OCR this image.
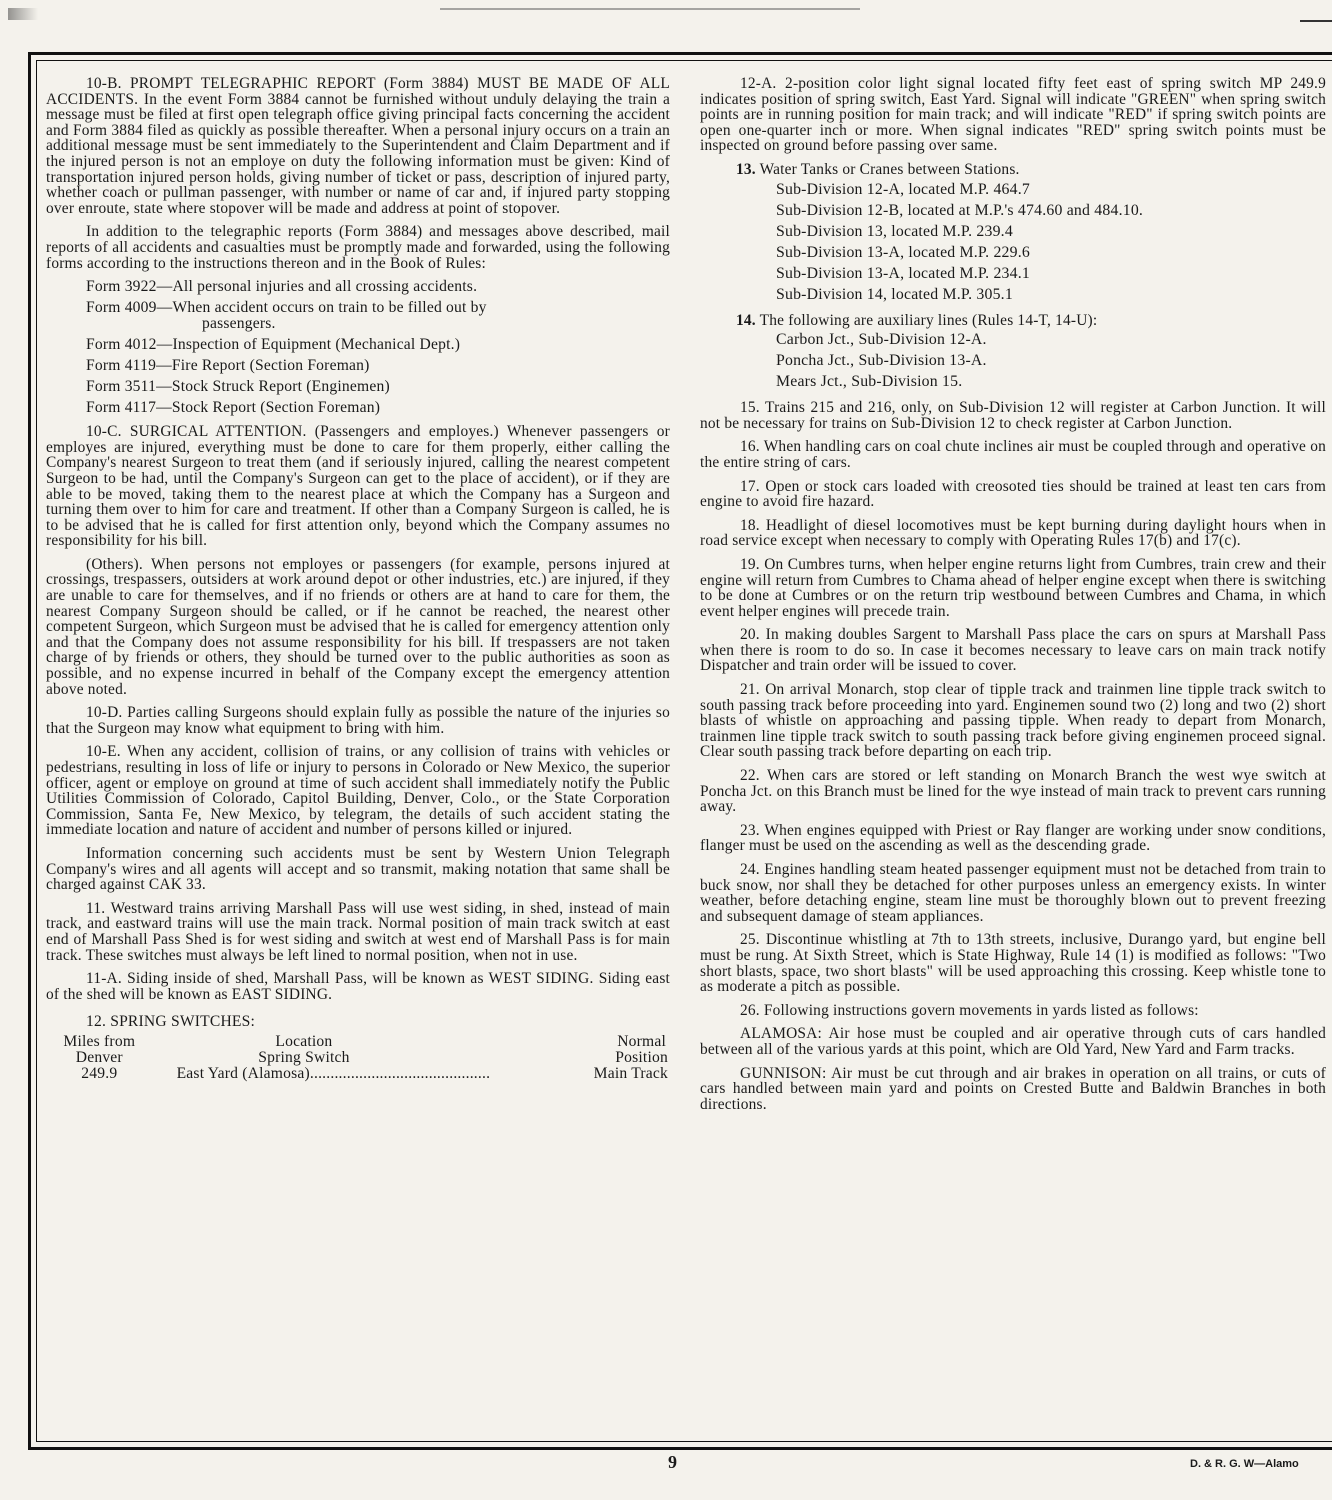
10-B. PROMPT TELEGRAPHIC REPORT (Form 3884) MUST BE MADE OF ALL ACCIDENTS. In the event Form 3884 cannot be furnished without unduly delaying the train a message must be filed at first open telegraph office giving principal facts concerning the accident and Form 3884 filed as quickly as possible thereafter. When a personal injury occurs on a train an additional message must be sent immediately to the Superintendent and Claim Department and if the injured person is not an employe on duty the following information must be given: Kind of transportation injured person holds, giving number of ticket or pass, description of injured party, whether coach or pullman passenger, with number or name of car and, if injured party stopping over enroute, state where stopover will be made and address at point of stopover.

In addition to the telegraphic reports (Form 3884) and messages above described, mail reports of all accidents and casualties must be promptly made and forwarded, using the following forms according to the instructions thereon and in the Book of Rules:

Form 3922—All personal injuries and all crossing accidents.
Form 4009—When accident occurs on train to be filled out by
passengers.
Form 4012—Inspection of Equipment (Mechanical Dept.)
Form 4119—Fire Report (Section Foreman)
Form 3511—Stock Struck Report (Enginemen)
Form 4117—Stock Report (Section Foreman)

10-C. SURGICAL ATTENTION. (Passengers and employes.) Whenever passengers or employes are injured, everything must be done to care for them properly, either calling the Company's nearest Surgeon to treat them (and if seriously injured, calling the nearest competent Surgeon to be had, until the Company's Surgeon can get to the place of accident), or if they are able to be moved, taking them to the nearest place at which the Company has a Surgeon and turning them over to him for care and treatment. If other than a Company Surgeon is called, he is to be advised that he is called for first attention only, beyond which the Company assumes no responsibility for his bill.

(Others). When persons not employes or passengers (for example, persons injured at crossings, trespassers, outsiders at work around depot or other industries, etc.) are injured, if they are unable to care for themselves, and if no friends or others are at hand to care for them, the nearest Company Surgeon should be called, or if he cannot be reached, the nearest other competent Surgeon, which Surgeon must be advised that he is called for emergency attention only and that the Company does not assume responsibility for his bill. If trespassers are not taken charge of by friends or others, they should be turned over to the public authorities as soon as possible, and no expense incurred in behalf of the Company except the emergency attention above noted.

10-D. Parties calling Surgeons should explain fully as possible the nature of the injuries so that the Surgeon may know what equipment to bring with him.

10-E. When any accident, collision of trains, or any collision of trains with vehicles or pedestrians, resulting in loss of life or injury to persons in Colorado or New Mexico, the superior officer, agent or employe on ground at time of such accident shall immediately notify the Public Utilities Commission of Colorado, Capitol Building, Denver, Colo., or the State Corporation Commission, Santa Fe, New Mexico, by telegram, the details of such accident stating the immediate location and nature of accident and number of persons killed or injured.

Information concerning such accidents must be sent by Western Union Telegraph Company's wires and all agents will accept and so transmit, making notation that same shall be charged against CAK 33.

11. Westward trains arriving Marshall Pass will use west siding, in shed, instead of main track, and eastward trains will use the main track. Normal position of main track switch at east end of Marshall Pass Shed is for west siding and switch at west end of Marshall Pass is for main track. These switches must always be left lined to normal position, when not in use.

11-A. Siding inside of shed, Marshall Pass, will be known as WEST SIDING. Siding east of the shed will be known as EAST SIDING.

12. SPRING SWITCHES:
Miles from	Location	Normal
Denver	Spring Switch	Position
249.9	East Yard (Alamosa)............................................ Main Track	

12-A. 2-position color light signal located fifty feet east of spring switch MP 249.9 indicates position of spring switch, East Yard. Signal will indicate "GREEN" when spring switch points are in running position for main track; and will indicate "RED" if spring switch points are open one-quarter inch or more. When signal indicates "RED" spring switch points must be inspected on ground before passing over same.

13. Water Tanks or Cranes between Stations.
Sub-Division 12-A, located M.P. 464.7
Sub-Division 12-B, located at M.P.'s 474.60 and 484.10.
Sub-Division 13, located M.P. 239.4
Sub-Division 13-A, located M.P. 229.6
Sub-Division 13-A, located M.P. 234.1
Sub-Division 14, located M.P. 305.1
14. The following are auxiliary lines (Rules 14-T, 14-U):
Carbon Jct., Sub-Division 12-A.
Poncha Jct., Sub-Division 13-A.
Mears Jct., Sub-Division 15.

15. Trains 215 and 216, only, on Sub-Division 12 will register at Carbon Junction. It will not be necessary for trains on Sub-Division 12 to check register at Carbon Junction.

16. When handling cars on coal chute inclines air must be coupled through and operative on the entire string of cars.

17. Open or stock cars loaded with creosoted ties should be trained at least ten cars from engine to avoid fire hazard.

18. Headlight of diesel locomotives must be kept burning during daylight hours when in road service except when necessary to comply with Operating Rules 17(b) and 17(c).

19. On Cumbres turns, when helper engine returns light from Cumbres, train crew and their engine will return from Cumbres to Chama ahead of helper engine except when there is switching to be done at Cumbres or on the return trip westbound between Cumbres and Chama, in which event helper engines will precede train.

20. In making doubles Sargent to Marshall Pass place the cars on spurs at Marshall Pass when there is room to do so. In case it becomes necessary to leave cars on main track notify Dispatcher and train order will be issued to cover.

21. On arrival Monarch, stop clear of tipple track and trainmen line tipple track switch to south passing track before proceeding into yard. Enginemen sound two (2) long and two (2) short blasts of whistle on approaching and passing tipple. When ready to depart from Monarch, trainmen line tipple track switch to south passing track before giving enginemen proceed signal. Clear south passing track before departing on each trip.

22. When cars are stored or left standing on Monarch Branch the west wye switch at Poncha Jct. on this Branch must be lined for the wye instead of main track to prevent cars running away.

23. When engines equipped with Priest or Ray flanger are working under snow conditions, flanger must be used on the ascending as well as the descending grade.

24. Engines handling steam heated passenger equipment must not be detached from train to buck snow, nor shall they be detached for other purposes unless an emergency exists. In winter weather, before detaching engine, steam line must be thoroughly blown out to prevent freezing and subsequent damage of steam appliances.

25. Discontinue whistling at 7th to 13th streets, inclusive, Durango yard, but engine bell must be rung. At Sixth Street, which is State Highway, Rule 14 (1) is modified as follows: "Two short blasts, space, two short blasts" will be used approaching this crossing. Keep whistle tone to as moderate a pitch as possible.

26. Following instructions govern movements in yards listed as follows:

ALAMOSA: Air hose must be coupled and air operative through cuts of cars handled between all of the various yards at this point, which are Old Yard, New Yard and Farm tracks.

GUNNISON: Air must be cut through and air brakes in operation on all trains, or cuts of cars handled between main yard and points on Crested Butte and Baldwin Branches in both directions.

9	D. & R. G. W—Alamo
